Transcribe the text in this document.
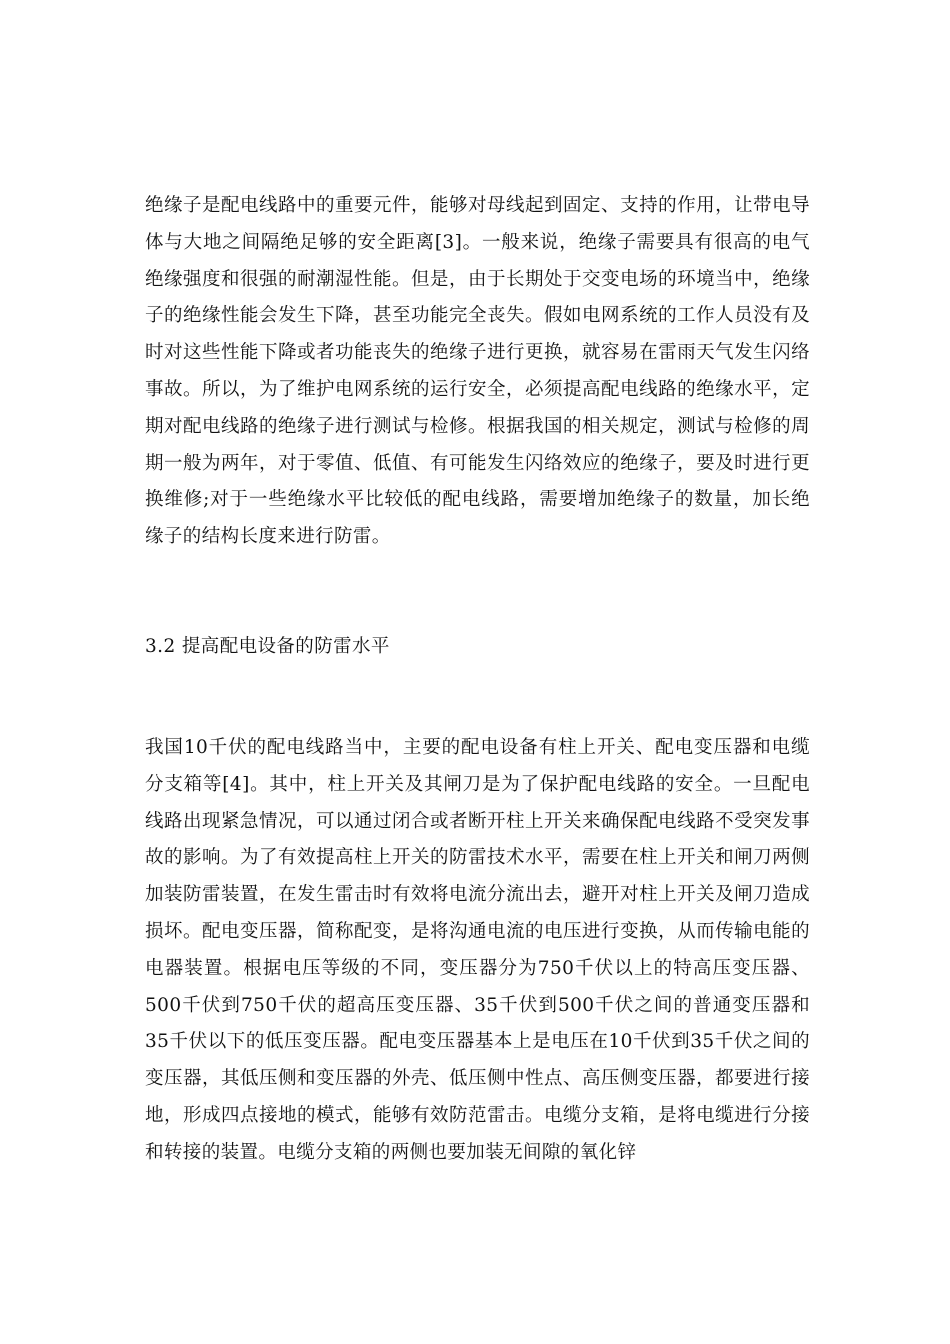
绝缘子是配电线路中的重要元件，能够对母线起到固定、支持的作用，让带电导体与大地之间隔绝足够的安全距离[3]。一般来说，绝缘子需要具有很高的电气绝缘强度和很强的耐潮湿性能。但是，由于长期处于交变电场的环境当中，绝缘子的绝缘性能会发生下降，甚至功能完全丧失。假如电网系统的工作人员没有及时对这些性能下降或者功能丧失的绝缘子进行更换，就容易在雷雨天气发生闪络事故。所以，为了维护电网系统的运行安全，必须提高配电线路的绝缘水平，定期对配电线路的绝缘子进行测试与检修。根据我国的相关规定，测试与检修的周期一般为两年，对于零值、低值、有可能发生闪络效应的绝缘子，要及时进行更换维修;对于一些绝缘水平比较低的配电线路，需要增加绝缘子的数量，加长绝缘子的结构长度来进行防雷。

3.2 提高配电设备的防雷水平

我国10千伏的配电线路当中，主要的配电设备有柱上开关、配电变压器和电缆分支箱等[4]。其中，柱上开关及其闸刀是为了保护配电线路的安全。一旦配电线路出现紧急情况，可以通过闭合或者断开柱上开关来确保配电线路不受突发事故的影响。为了有效提高柱上开关的防雷技术水平，需要在柱上开关和闸刀两侧加装防雷装置，在发生雷击时有效将电流分流出去，避开对柱上开关及闸刀造成损坏。配电变压器，简称配变，是将沟通电流的电压进行变换，从而传输电能的电器装置。根据电压等级的不同，变压器分为750千伏以上的特高压变压器、500千伏到750千伏的超高压变压器、35千伏到500千伏之间的普通变压器和35千伏以下的低压变压器。配电变压器基本上是电压在10千伏到35千伏之间的变压器，其低压侧和变压器的外壳、低压侧中性点、高压侧变压器，都要进行接地，形成四点接地的模式，能够有效防范雷击。电缆分支箱，是将电缆进行分接和转接的装置。电缆分支箱的两侧也要加装无间隙的氧化锌
